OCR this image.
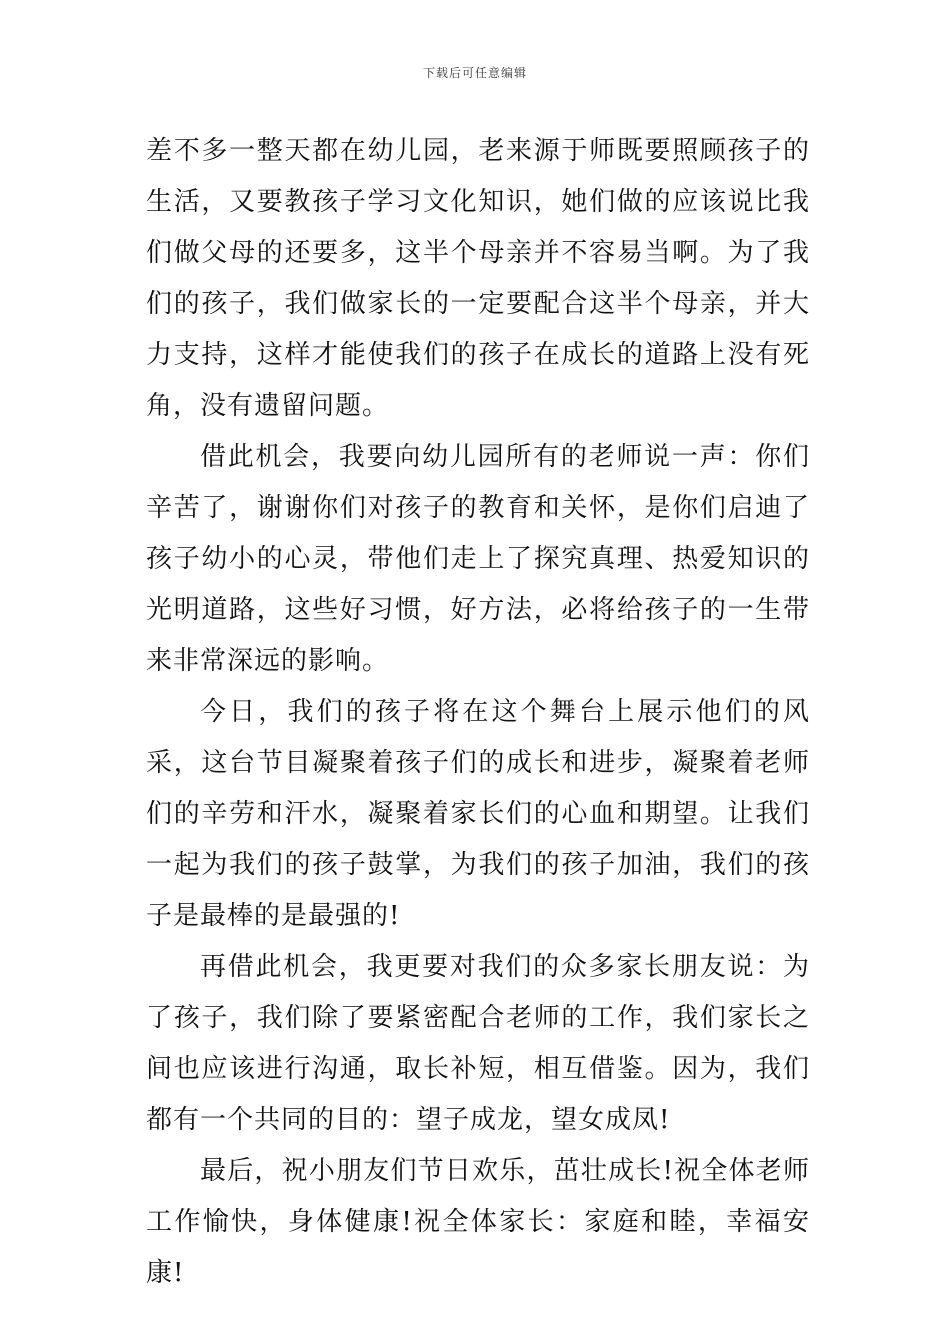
下载后可任意编辑

差不多一整天都在幼儿园，老来源于师既要照顾孩子的生活，又要教孩子学习文化知识，她们做的应该说比我们做父母的还要多，这半个母亲并不容易当啊。为了我们的孩子，我们做家长的一定要配合这半个母亲，并大力支持，这样才能使我们的孩子在成长的道路上没有死角，没有遗留问题。

借此机会，我要向幼儿园所有的老师说一声：你们辛苦了，谢谢你们对孩子的教育和关怀，是你们启迪了孩子幼小的心灵，带他们走上了探究真理、热爱知识的光明道路，这些好习惯，好方法，必将给孩子的一生带来非常深远的影响。

今日，我们的孩子将在这个舞台上展示他们的风采，这台节目凝聚着孩子们的成长和进步，凝聚着老师们的辛劳和汗水，凝聚着家长们的心血和期望。让我们一起为我们的孩子鼓掌，为我们的孩子加油，我们的孩子是最棒的是最强的!

再借此机会，我更要对我们的众多家长朋友说：为了孩子，我们除了要紧密配合老师的工作，我们家长之间也应该进行沟通，取长补短，相互借鉴。因为，我们都有一个共同的目的：望子成龙，望女成凤!

最后，祝小朋友们节日欢乐，茁壮成长!祝全体老师工作愉快，身体健康!祝全体家长：家庭和睦，幸福安康!
